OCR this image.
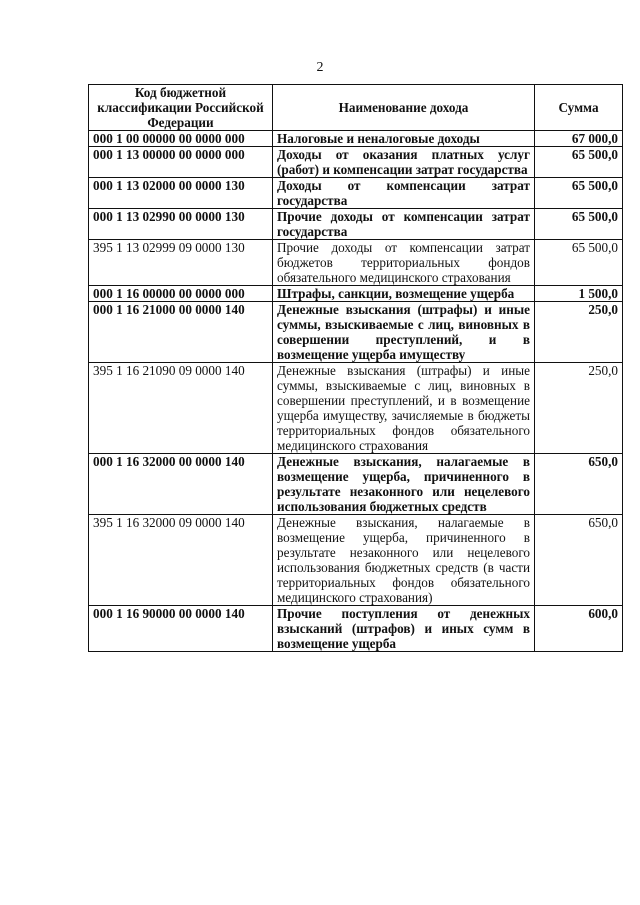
2
Код бюджетной классификации Российской Федерации	Наименование дохода	Сумма
000 1 00 00000 00 0000 000	Налоговые и неналоговые доходы	67 000,0
000 1 13 00000 00 0000 000	Доходы от оказания платных услуг (работ) и компенсации затрат государства	65 500,0
000 1 13 02000 00 0000 130	Доходы от компенсации затрат государства	65 500,0
000 1 13 02990 00 0000 130	Прочие доходы от компенсации затрат государства	65 500,0
395 1 13 02999 09 0000 130	Прочие доходы от компенсации затрат бюджетов территориальных фондов обязательного медицинского страхования	65 500,0
000 1 16 00000 00 0000 000	Штрафы, санкции, возмещение ущерба	1 500,0
000 1 16 21000 00 0000 140	Денежные взыскания (штрафы) и иные суммы, взыскиваемые с лиц, виновных в совершении преступлений, и в возмещение ущерба имуществу	250,0
395 1 16 21090 09 0000 140	Денежные взыскания (штрафы) и иные суммы, взыскиваемые с лиц, виновных в совершении преступлений, и в возмещение ущерба имуществу, зачисляемые в бюджеты территориальных фондов обязательного медицинского страхования	250,0
000 1 16 32000 00 0000 140	Денежные взыскания, налагаемые в возмещение ущерба, причиненного в результате незаконного или нецелевого использования бюджетных средств	650,0
395 1 16 32000 09 0000 140	Денежные взыскания, налагаемые в возмещение ущерба, причиненного в результате незаконного или нецелевого использования бюджетных средств (в части территориальных фондов обязательного медицинского страхования)	650,0
000 1 16 90000 00 0000 140	Прочие поступления от денежных взысканий (штрафов) и иных сумм в возмещение ущерба	600,0
